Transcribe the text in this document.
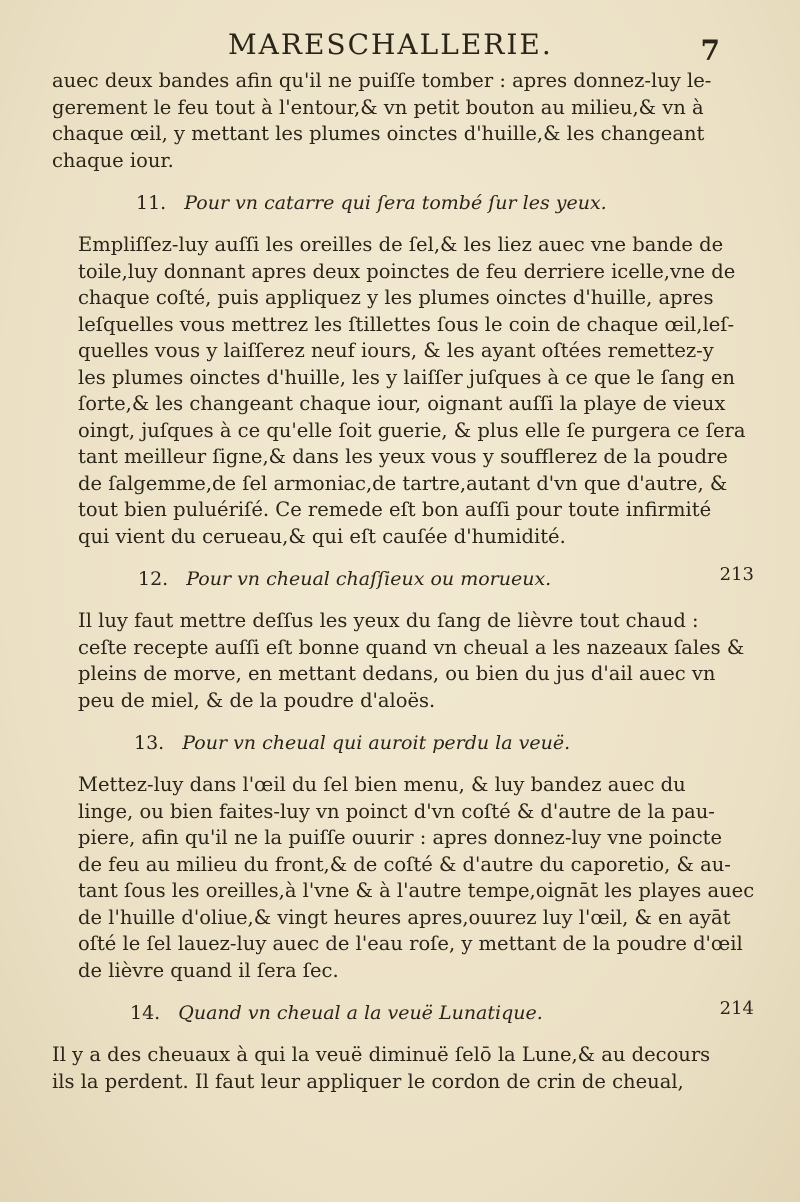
MARESCHALLERIE.	7

auec deux bandes afin qu'il ne puiſſe tomber : apres donnez-luy le-
gerement le feu tout à l'entour,& vn petit bouton au milieu,& vn à
chaque œil, y mettant les plumes oinctes d'huille,& les changeant
chaque iour.

11. Pour vn catarre qui ſera tombé ſur les yeux.

Empliſſez-luy auſſi les oreilles de ſel,& les liez auec vne bande de
toile,luy donnant apres deux poinctes de feu derriere icelle,vne de
chaque coſté, puis appliquez y les plumes oinctes d'huille, apres
leſquelles vous mettrez les ſtillettes ſous le coin de chaque œil,leſ-
quelles vous y laiſſerez neuf iours, & les ayant oſtées remettez-y
les plumes oinctes d'huille, les y laiſſer juſques à ce que le ſang en
ſorte,& les changeant chaque iour, oignant auſſi la playe de vieux
oingt, juſques à ce qu'elle ſoit guerie, & plus elle ſe purgera ce ſera
tant meilleur ſigne,& dans les yeux vous y soufflerez de la poudre
de ſalgemme,de ſel armoniac,de tartre,autant d'vn que d'autre, &
tout bien puluériſé. Ce remede eſt bon auſſi pour toute infirmité
qui vient du cerueau,& qui eſt cauſée d'humidité.

12. Pour vn cheual chaſſieux ou morueux.	213

Il luy faut mettre deſſus les yeux du ſang de lièvre tout chaud :
ceſte recepte auſſi eſt bonne quand vn cheual a les nazeaux ſales &
pleins de morve, en mettant dedans, ou bien du jus d'ail auec vn
peu de miel, & de la poudre d'aloës.

13. Pour vn cheual qui auroit perdu la veuë.

Mettez-luy dans l'œil du ſel bien menu, & luy bandez auec du
linge, ou bien faites-luy vn poinct d'vn coſté & d'autre de la pau-
piere, afin qu'il ne la puiſſe ouurir : apres donnez-luy vne poincte
de feu au milieu du front,& de coſté & d'autre du caporetio, & au-
tant ſous les oreilles,à l'vne & à l'autre tempe,oignāt les playes auec
de l'huille d'oliue,& vingt heures apres,ouurez luy l'œil, & en ayāt
oſté le ſel lauez-luy auec de l'eau roſe, y mettant de la poudre d'œil
de lièvre quand il ſera ſec.

14. Quand vn cheual a la veuë Lunatique.	214

Il y a des cheuaux à qui la veuë diminuë ſelō la Lune,& au decours
ils la perdent. Il faut leur appliquer le cordon de crin de cheual,
